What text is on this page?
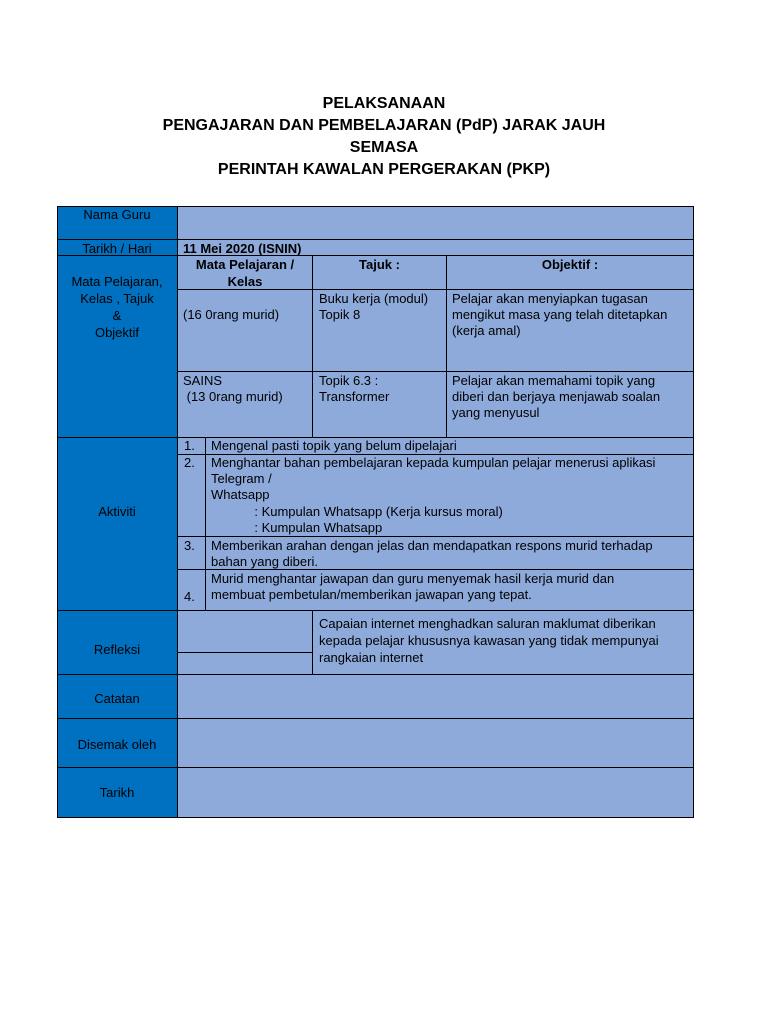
PELAKSANAAN
PENGAJARAN DAN PEMBELAJARAN (PdP) JARAK JAUH
SEMASA
PERINTAH KAWALAN PERGERAKAN (PKP)
Nama Guru
Tarikh / Hari
Mata Pelajaran,
Kelas , Tajuk
&
Objektif
Aktiviti
Refleksi
Catatan
Disemak oleh
Tarikh
11 Mei 2020 (ISNIN)
Mata Pelajaran /
Kelas
Tajuk :	Objektif :
(16 0rang murid)
Buku kerja (modul)
Topik 8
Pelajar akan menyiapkan tugasan
mengikut masa yang telah ditetapkan
(kerja amal)
SAINS
(13 0rang murid)
Topik 6.3 :
Transformer
Pelajar akan memahami topik yang
diberi dan berjaya menjawab soalan
yang menyusul
1. Mengenal pasti topik yang belum dipelajari
2. Menghantar bahan pembelajaran kepada kumpulan pelajar menerusi aplikasi
Telegram /
Whatsapp
: Kumpulan Whatsapp (Kerja kursus moral)
: Kumpulan Whatsapp
3. Memberikan arahan dengan jelas dan mendapatkan respons murid terhadap
bahan yang diberi.
4.
Murid menghantar jawapan dan guru menyemak hasil kerja murid dan
membuat pembetulan/memberikan jawapan yang tepat.
Capaian internet menghadkan saluran maklumat diberikan
kepada pelajar khususnya kawasan yang tidak mempunyai
rangkaian internet
